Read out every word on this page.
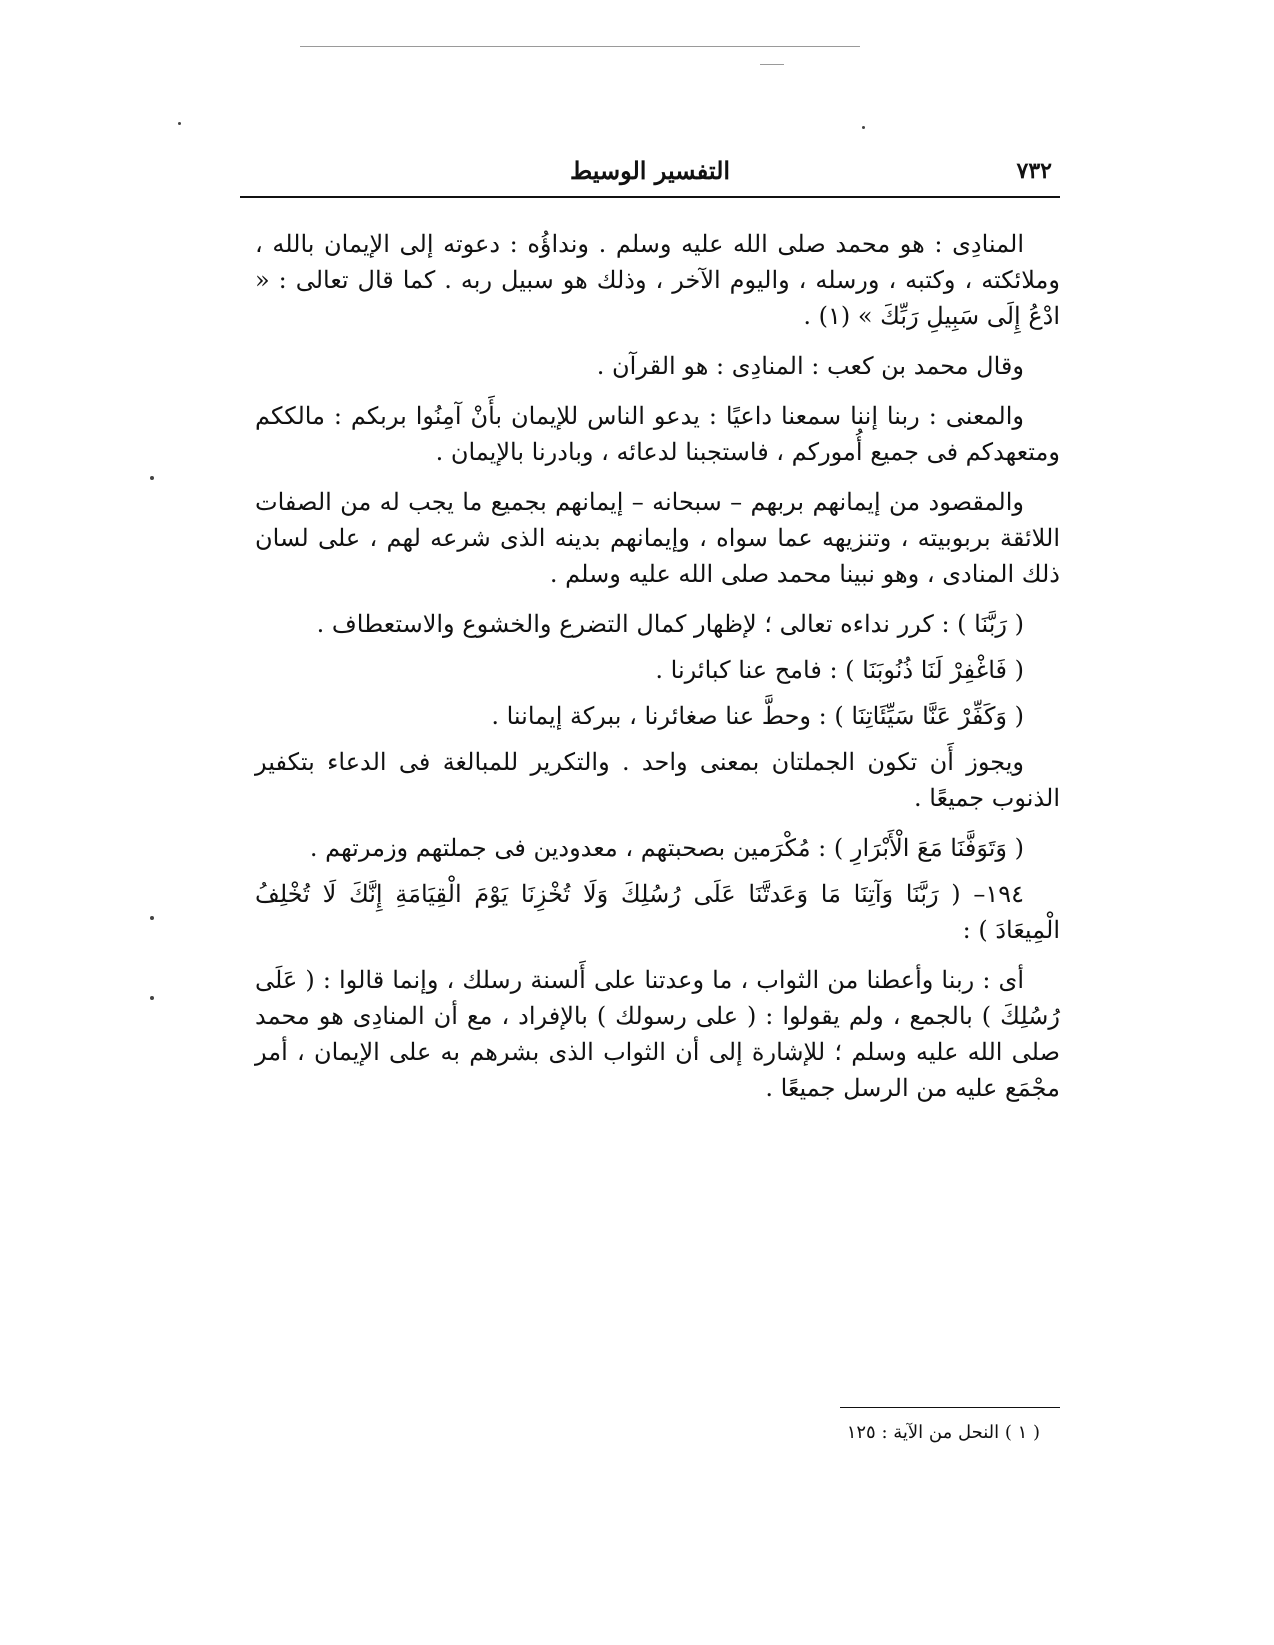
٧٣٢
التفسير الوسيط

المنادِى : هو محمد صلى الله عليه وسلم . ونداؤُه : دعوته إلى الإيمان بالله ، وملائكته ، وكتبه ، ورسله ، واليوم الآخر ، وذلك هو سبيل ربه . كما قال تعالى : « ادْعُ إِلَى سَبِيلِ رَبِّكَ » (١) .

وقال محمد بن كعب : المنادِى : هو القرآن .

والمعنى : ربنا إننا سمعنا داعيًا : يدعو الناس للإيمان بأَنْ آمِنُوا بربكم : مالككم ومتعهدكم فى جميع أُموركم ، فاستجبنا لدعائه ، وبادرنا بالإيمان .

والمقصود من إيمانهم بربهم – سبحانه – إيمانهم بجميع ما يجب له من الصفات اللائقة بربوبيته ، وتنزيهه عما سواه ، وإيمانهم بدينه الذى شرعه لهم ، على لسان ذلك المنادى ، وهو نبينا محمد صلى الله عليه وسلم .

( رَبَّنَا ) : كرر نداءه تعالى ؛ لإظهار كمال التضرع والخشوع والاستعطاف .

( فَاغْفِرْ لَنَا ذُنُوبَنَا ) : فامح عنا كبائرنا .

( وَكَفِّرْ عَنَّا سَيِّئَاتِنَا ) : وحطَّ عنا صغائرنا ، ببركة إيماننا .

ويجوز أَن تكون الجملتان بمعنى واحد . والتكرير للمبالغة فى الدعاء بتكفير الذنوب جميعًا .

( وَتَوَفَّنَا مَعَ الْأَبْرَارِ ) : مُكْرَمين بصحبتهم ، معدودين فى جملتهم وزمرتهم .

١٩٤– ( رَبَّنَا وَآتِنَا مَا وَعَدتَّنَا عَلَى رُسُلِكَ وَلَا تُخْزِنَا يَوْمَ الْقِيَامَةِ إِنَّكَ لَا تُخْلِفُ الْمِيعَادَ ) :

أى : ربنا وأعطنا من الثواب ، ما وعدتنا على أَلسنة رسلك ، وإنما قالوا : ( عَلَى رُسُلِكَ ) بالجمع ، ولم يقولوا : ( على رسولك ) بالإفراد ، مع أن المنادِى هو محمد صلى الله عليه وسلم ؛ للإشارة إلى أن الثواب الذى بشرهم به على الإيمان ، أمر مجْمَع عليه من الرسل جميعًا .

( ١ ) النحل من الآية : ١٢٥
